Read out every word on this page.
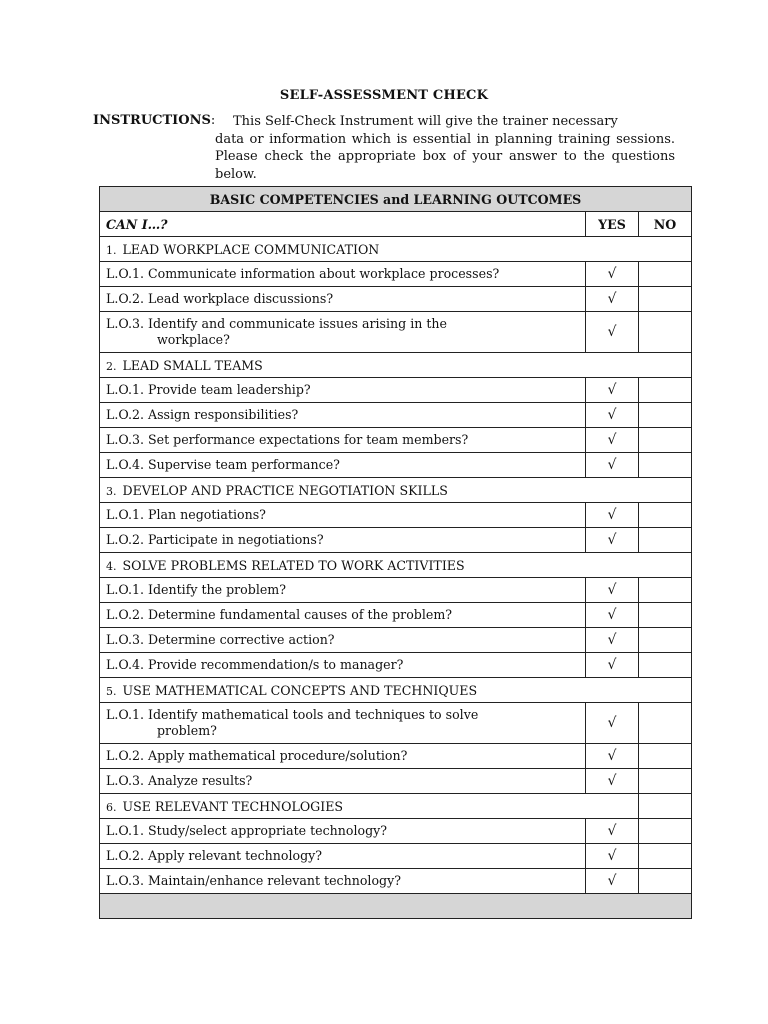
SELF-ASSESSMENT CHECK
INSTRUCTIONS: This Self-Check Instrument will give the trainer necessary
data or information which is essential in planning training sessions. Please check the appropriate box of your answer to the questions below.
BASIC COMPETENCIES and LEARNING OUTCOMES		
CAN I…?	YES	NO
1. LEAD WORKPLACE COMMUNICATION		

L.O.1. Communicate information about workplace processes?	√	

L.O.2. Lead workplace discussions?	√	

L.O.3. Identify and communicate issues arising in the
workplace?	√	
2. LEAD SMALL TEAMS		

L.O.1. Provide team leadership?	√	

L.O.2. Assign responsibilities?	√	

L.O.3. Set performance expectations for team members?	√	

L.O.4. Supervise team performance?	√	
3. DEVELOP AND PRACTICE NEGOTIATION SKILLS		

L.O.1. Plan negotiations?	√	

L.O.2. Participate in negotiations?	√	
4. SOLVE PROBLEMS RELATED TO WORK ACTIVITIES		

L.O.1. Identify the problem?	√	

L.O.2. Determine fundamental causes of the problem?	√	

L.O.3. Determine corrective action?	√	

L.O.4. Provide recommendation/s to manager?	√	
5. USE MATHEMATICAL CONCEPTS AND TECHNIQUES		

L.O.1. Identify mathematical tools and techniques to solve
problem?	√	

L.O.2. Apply mathematical procedure/solution?	√	

L.O.3. Analyze results?	√	
6. USE RELEVANT TECHNOLOGIES		

L.O.1. Study/select appropriate technology?	√	

L.O.2. Apply relevant technology?	√	

L.O.3. Maintain/enhance relevant technology?	√	
